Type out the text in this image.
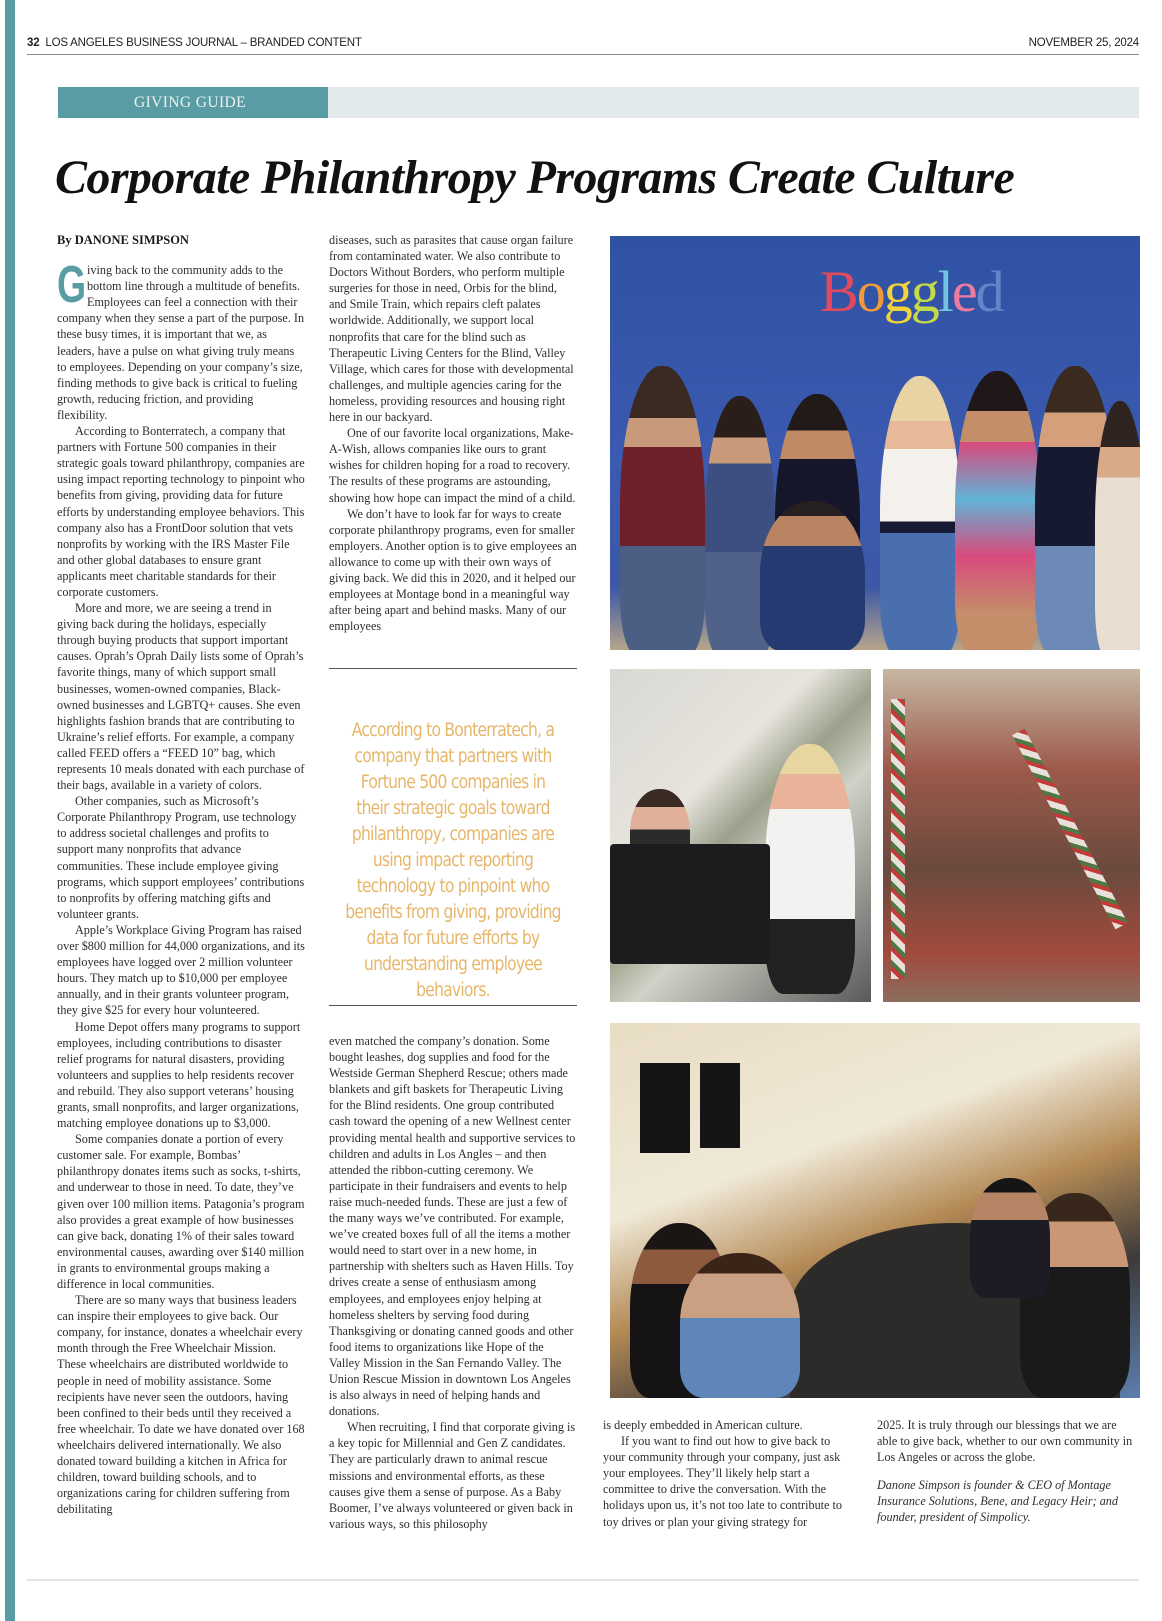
32 LOS ANGELES BUSINESS JOURNAL – BRANDED CONTENT	NOVEMBER 25, 2024
GIVING GUIDE
Corporate Philanthropy Programs Create Culture
By DANONE SIMPSON

Giving back to the community adds to the bottom line through a multitude of benefits. Employees can feel a connection with their company when they sense a part of the purpose. In these busy times, it is important that we, as leaders, have a pulse on what giving truly means to employees. Depending on your company’s size, finding methods to give back is critical to fueling growth, reducing friction, and providing flexibility.

According to Bonterratech, a company that partners with Fortune 500 companies in their strategic goals toward philanthropy, companies are using impact reporting technology to pinpoint who benefits from giving, providing data for future efforts by understanding employee behaviors. This company also has a FrontDoor solution that vets nonprofits by working with the IRS Master File and other global databases to ensure grant applicants meet charitable standards for their corporate customers.

More and more, we are seeing a trend in giving back during the holidays, especially through buying products that support important causes. Oprah’s Oprah Daily lists some of Oprah’s favorite things, many of which support small businesses, women-owned companies, Black-owned businesses and LGBTQ+ causes. She even highlights fashion brands that are contributing to Ukraine’s relief efforts. For example, a company called FEED offers a “FEED 10” bag, which represents 10 meals donated with each purchase of their bags, available in a variety of colors.

Other companies, such as Microsoft’s Corporate Philanthropy Program, use technology to address societal challenges and profits to support many nonprofits that advance communities. These include employee giving programs, which support employees’ contributions to nonprofits by offering matching gifts and volunteer grants.

Apple’s Workplace Giving Program has raised over $800 million for 44,000 organizations, and its employees have logged over 2 million volunteer hours. They match up to $10,000 per employee annually, and in their grants volunteer program, they give $25 for every hour volunteered.

Home Depot offers many programs to support employees, including contributions to disaster relief programs for natural disasters, providing volunteers and supplies to help residents recover and rebuild. They also support veterans’ housing grants, small nonprofits, and larger organizations, matching employee donations up to $3,000.

Some companies donate a portion of every customer sale. For example, Bombas’ philanthropy donates items such as socks, t-shirts, and underwear to those in need. To date, they’ve given over 100 million items. Patagonia’s program also provides a great example of how businesses can give back, donating 1% of their sales toward environmental causes, awarding over $140 million in grants to environmental groups making a difference in local communities.

There are so many ways that business leaders can inspire their employees to give back. Our company, for instance, donates a wheelchair every month through the Free Wheelchair Mission. These wheelchairs are distributed worldwide to people in need of mobility assistance. Some recipients have never seen the outdoors, having been confined to their beds until they received a free wheelchair. To date we have donated over 168 wheelchairs delivered internationally. We also donated toward building a kitchen in Africa for children, toward building schools, and to organizations caring for children suffering from debilitating

diseases, such as parasites that cause organ failure from contaminated water. We also contribute to Doctors Without Borders, who perform multiple surgeries for those in need, Orbis for the blind, and Smile Train, which repairs cleft palates worldwide. Additionally, we support local nonprofits that care for the blind such as Therapeutic Living Centers for the Blind, Valley Village, which cares for those with developmental challenges, and multiple agencies caring for the homeless, providing resources and housing right here in our backyard.

One of our favorite local organizations, Make-A-Wish, allows companies like ours to grant wishes for children hoping for a road to recovery. The results of these programs are astounding, showing how hope can impact the mind of a child.

We don’t have to look far for ways to create corporate philanthropy programs, even for smaller employers. Another option is to give employees an allowance to come up with their own ways of giving back. We did this in 2020, and it helped our employees at Montage bond in a meaningful way after being apart and behind masks. Many of our employees

According to Bonterratech, a company that partners with Fortune 500 companies in their strategic goals toward philanthropy, companies are using impact reporting technology to pinpoint who benefits from giving, providing data for future efforts by understanding employee behaviors.

even matched the company’s donation. Some bought leashes, dog supplies and food for the Westside German Shepherd Rescue; others made blankets and gift baskets for Therapeutic Living for the Blind residents. One group contributed cash toward the opening of a new Wellnest center providing mental health and supportive services to children and adults in Los Angles – and then attended the ribbon-cutting ceremony. We participate in their fundraisers and events to help raise much-needed funds. These are just a few of the many ways we’ve contributed. For example, we’ve created boxes full of all the items a mother would need to start over in a new home, in partnership with shelters such as Haven Hills. Toy drives create a sense of enthusiasm among employees, and employees enjoy helping at homeless shelters by serving food during Thanksgiving or donating canned goods and other food items to organizations like Hope of the Valley Mission in the San Fernando Valley. The Union Rescue Mission in downtown Los Angeles is also always in need of helping hands and donations.

When recruiting, I find that corporate giving is a key topic for Millennial and Gen Z candidates. They are particularly drawn to animal rescue missions and environmental efforts, as these causes give them a sense of purpose. As a Baby Boomer, I’ve always volunteered or given back in various ways, so this philosophy

is deeply embedded in American culture.

If you want to find out how to give back to your community through your company, just ask your employees. They’ll likely help start a committee to drive the conversation. With the holidays upon us, it’s not too late to contribute to toy drives or plan your giving strategy for

2025. It is truly through our blessings that we are able to give back, whether to our own community in Los Angeles or across the globe.

Danone Simpson is founder & CEO of Montage Insurance Solutions, Bene, and Legacy Heir; and founder, president of Simpolicy.

Boggled
